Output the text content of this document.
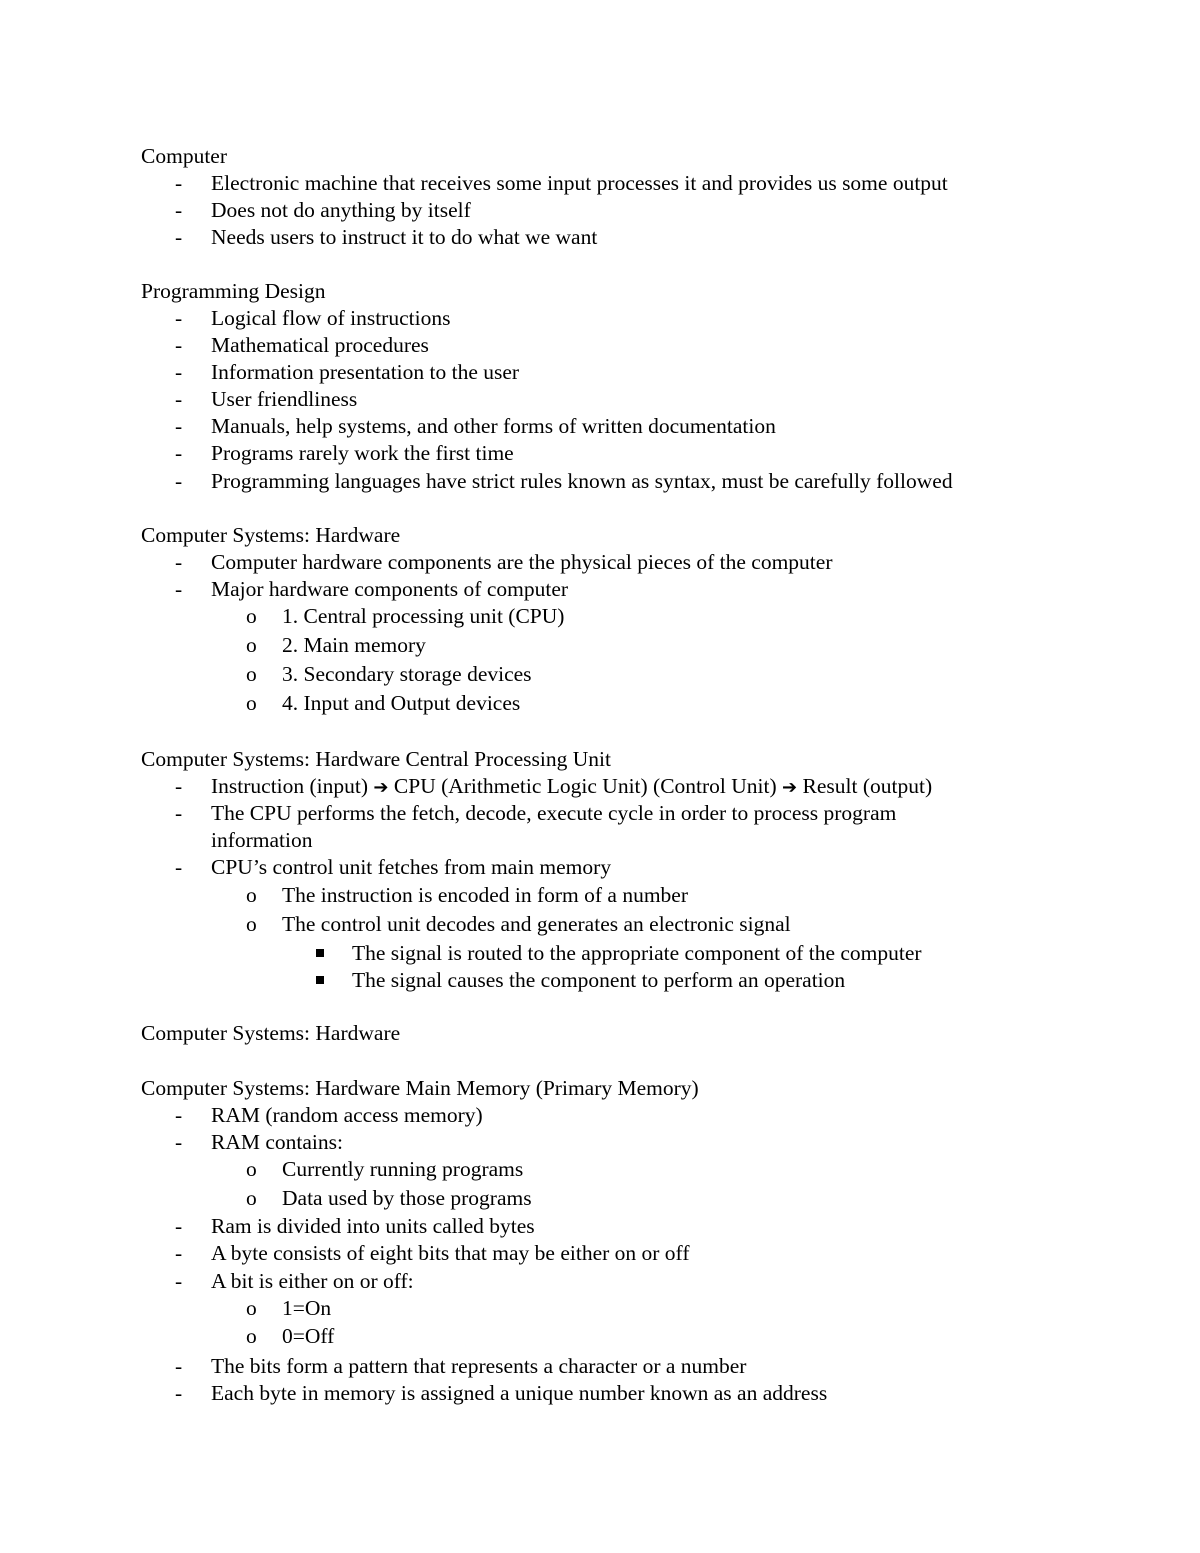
Computer
-	Electronic machine that receives some input processes it and provides us some output
-	Does not do anything by itself
-	Needs users to instruct it to do what we want
Programming Design
-	Logical flow of instructions
-	Mathematical procedures
-	Information presentation to the user
-	User friendliness
-	Manuals, help systems, and other forms of written documentation
-	Programs rarely work the first time
-	Programming languages have strict rules known as syntax, must be carefully followed
Computer Systems: Hardware
-	Computer hardware components are the physical pieces of the computer
-	Major hardware components of computer
o	1. Central processing unit (CPU)
o	2. Main memory
o	3. Secondary storage devices
o	4. Input and Output devices
Computer Systems: Hardware Central Processing Unit
-	Instruction (input) ➔ CPU (Arithmetic Logic Unit) (Control Unit) ➔ Result (output)
-	The CPU performs the fetch, decode, execute cycle in order to process program
information
-	CPU’s control unit fetches from main memory
o	The instruction is encoded in form of a number
o	The control unit decodes and generates an electronic signal
The signal is routed to the appropriate component of the computer
The signal causes the component to perform an operation
Computer Systems: Hardware
Computer Systems: Hardware Main Memory (Primary Memory)
-	RAM (random access memory)
-	RAM contains:
o	Currently running programs
o	Data used by those programs
-	Ram is divided into units called bytes
-	A byte consists of eight bits that may be either on or off
-	A bit is either on or off:
o	1=On
o	0=Off
-	The bits form a pattern that represents a character or a number
-	Each byte in memory is assigned a unique number known as an address
